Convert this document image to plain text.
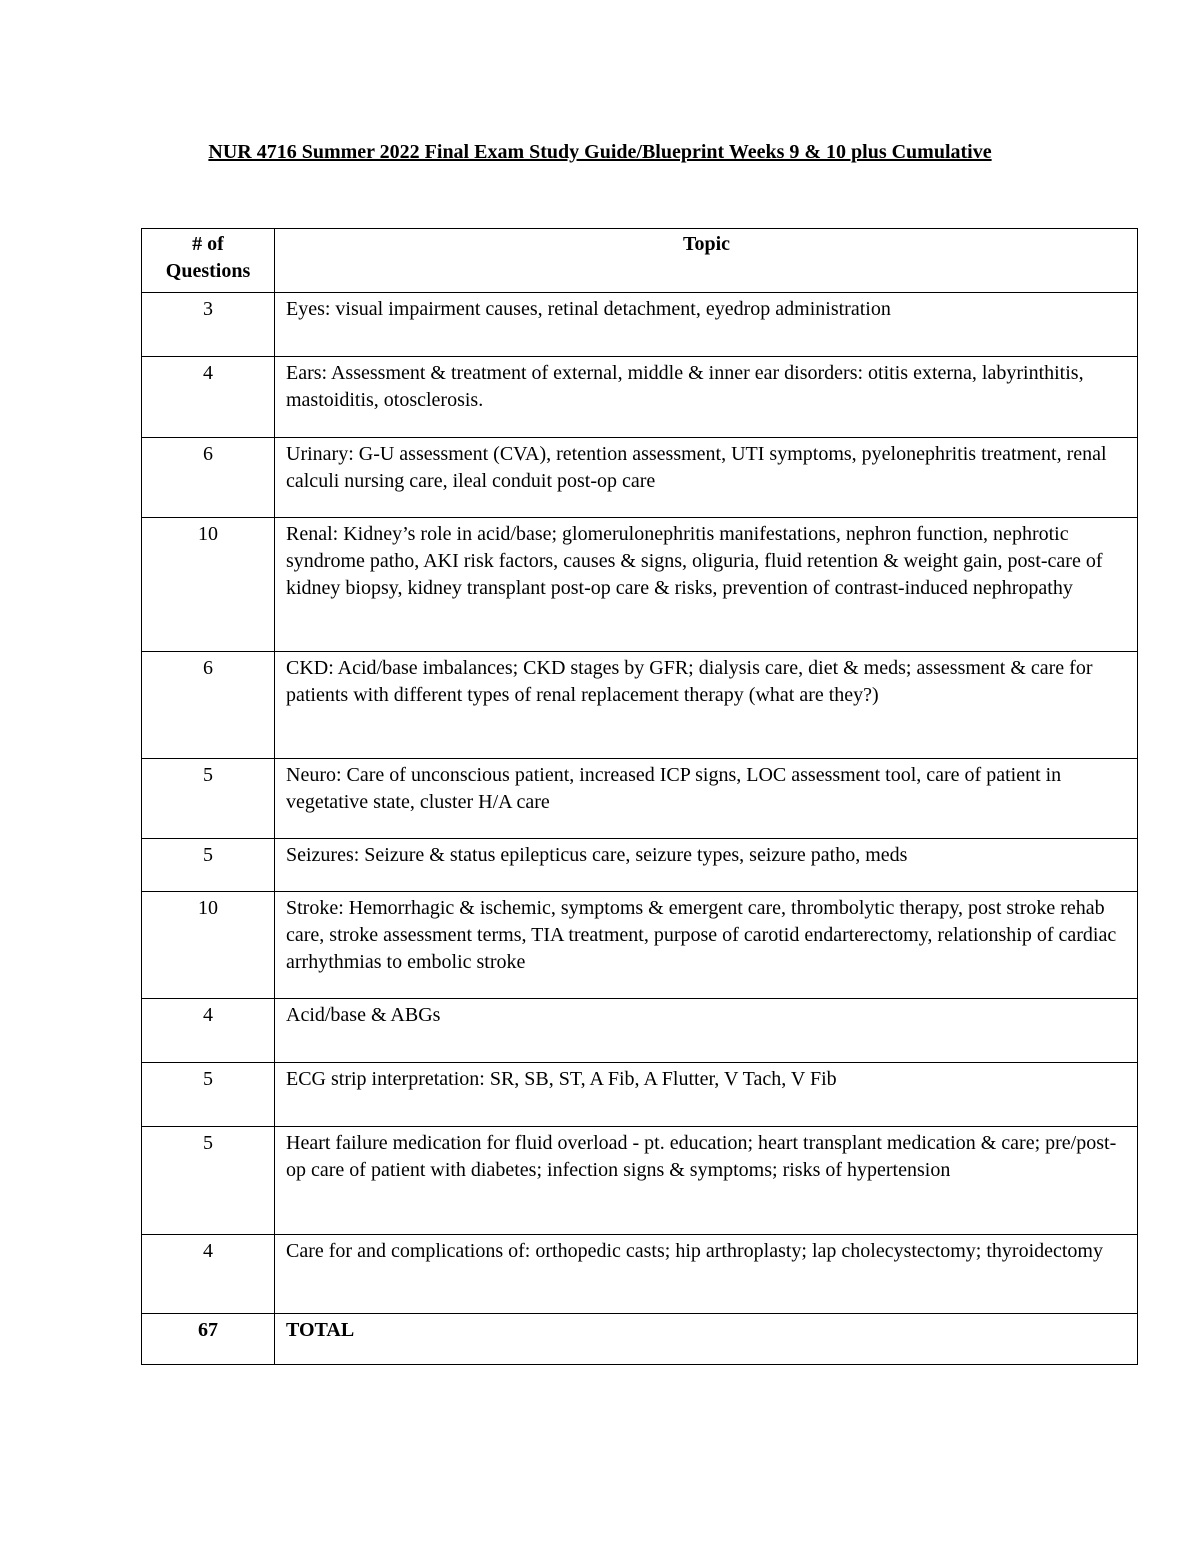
NUR 4716 Summer 2022 Final Exam Study Guide/Blueprint Weeks 9 & 10 plus Cumulative
# of
Questions	Topic
3	Eyes: visual impairment causes, retinal detachment, eyedrop administration
4	Ears: Assessment & treatment of external, middle & inner ear disorders: otitis externa, labyrinthitis, mastoiditis, otosclerosis.
6	Urinary: G-U assessment (CVA), retention assessment, UTI symptoms, pyelonephritis treatment, renal calculi nursing care, ileal conduit post-op care
10	Renal: Kidney’s role in acid/base; glomerulonephritis manifestations, nephron function, nephrotic syndrome patho, AKI risk factors, causes & signs, oliguria, fluid retention & weight gain, post-care of kidney biopsy, kidney transplant post-op care & risks, prevention of contrast-induced nephropathy
6	CKD: Acid/base imbalances; CKD stages by GFR; dialysis care, diet & meds; assessment & care for patients with different types of renal replacement therapy (what are they?)
5	Neuro: Care of unconscious patient, increased ICP signs, LOC assessment tool, care of patient in vegetative state, cluster H/A care
5	Seizures: Seizure & status epilepticus care, seizure types, seizure patho, meds
10	Stroke: Hemorrhagic & ischemic, symptoms & emergent care, thrombolytic therapy, post stroke rehab care, stroke assessment terms, TIA treatment, purpose of carotid endarterectomy, relationship of cardiac arrhythmias to embolic stroke
4	Acid/base & ABGs
5	ECG strip interpretation: SR, SB, ST, A Fib, A Flutter, V Tach, V Fib
5	Heart failure medication for fluid overload - pt. education; heart transplant medication & care; pre/post-op care of patient with diabetes; infection signs & symptoms; risks of hypertension
4	Care for and complications of: orthopedic casts; hip arthroplasty; lap cholecystectomy; thyroidectomy
67	TOTAL
